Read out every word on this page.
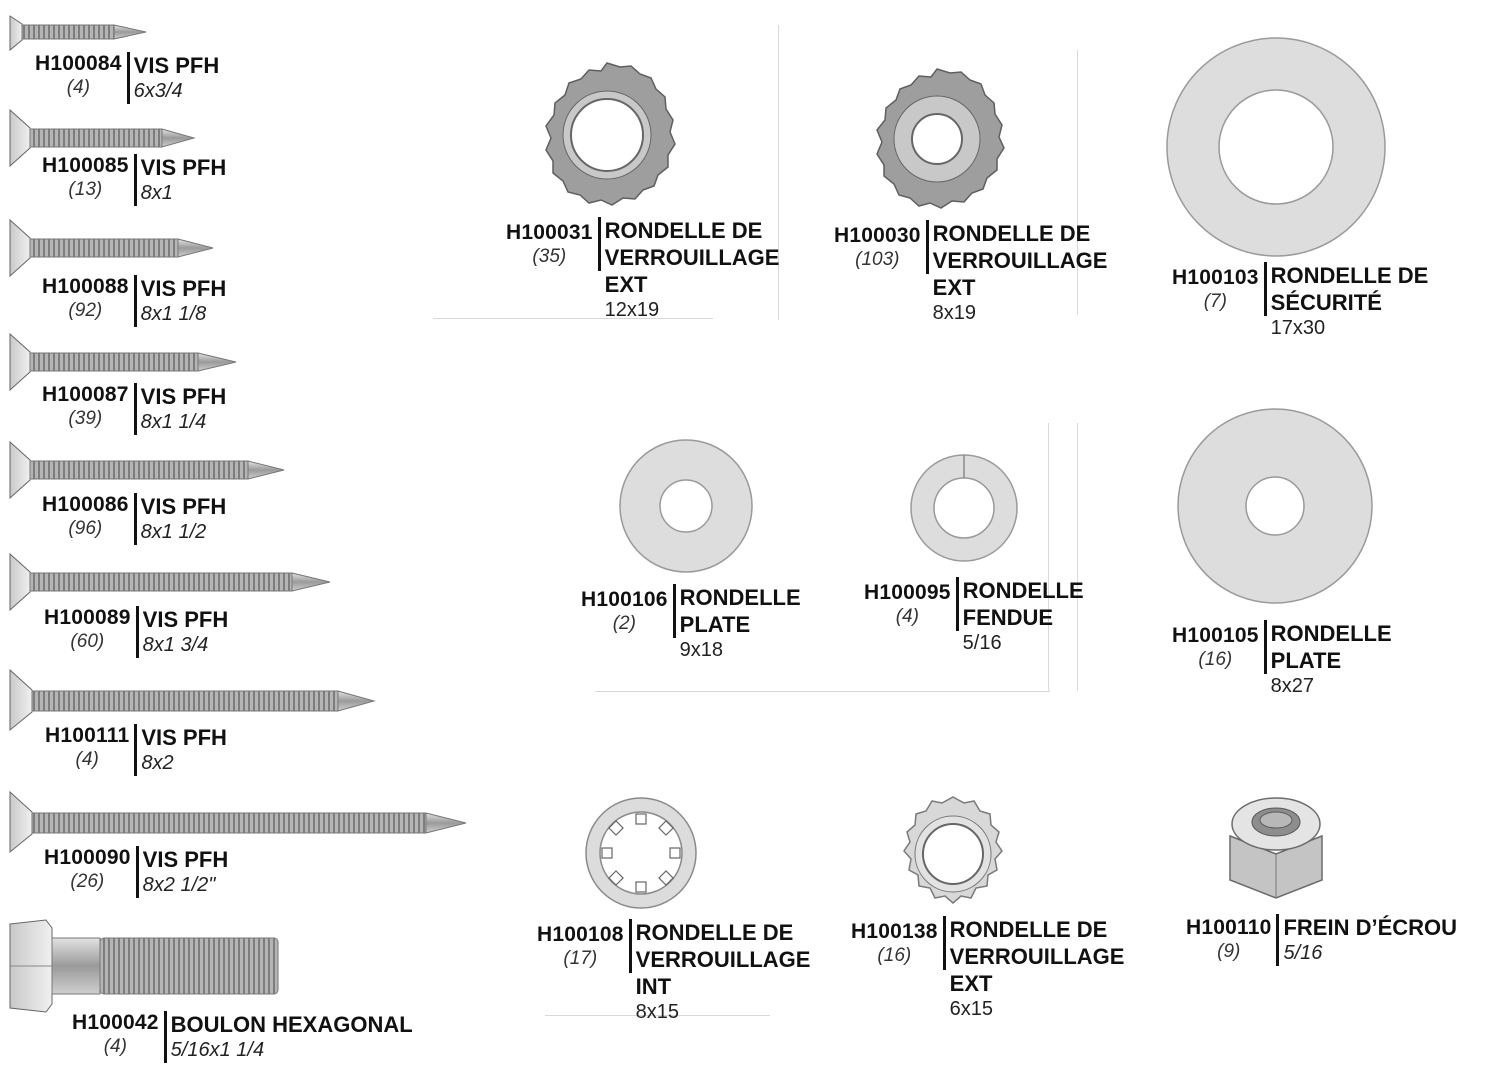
H100084
(4)
VIS PFH
6x3/4
H100085
(13)
VIS PFH
8x1
H100088
(92)
VIS PFH
8x1 1/8
H100087
(39)
VIS PFH
8x1 1/4
H100086
(96)
VIS PFH
8x1 1/2
H100089
(60)
VIS PFH
8x1 3/4
H100111
(4)
VIS PFH
8x2
H100090
(26)
VIS PFH
8x2 1/2"
H100042
(4)
BOULON HEXAGONAL
5/16x1 1/4
H100031
(35)
RONDELLE DE
VERROUILLAGE
EXT
12x19
H100030
(103)
RONDELLE DE
VERROUILLAGE
EXT
8x19
H100103
(7)
RONDELLE DE
SÉCURITÉ
17x30
H100106
(2)
RONDELLE
PLATE
9x18
H100095
(4)
RONDELLE
FENDUE
5/16	H100105
(16)
RONDELLE
PLATE
8x27
H100108
(17)
RONDELLE DE
VERROUILLAGE
INT
8x15
H100138
(16)
RONDELLE DE
VERROUILLAGE
EXT
6x15
H100110
(9)
FREIN D’ÉCROU
5/16
